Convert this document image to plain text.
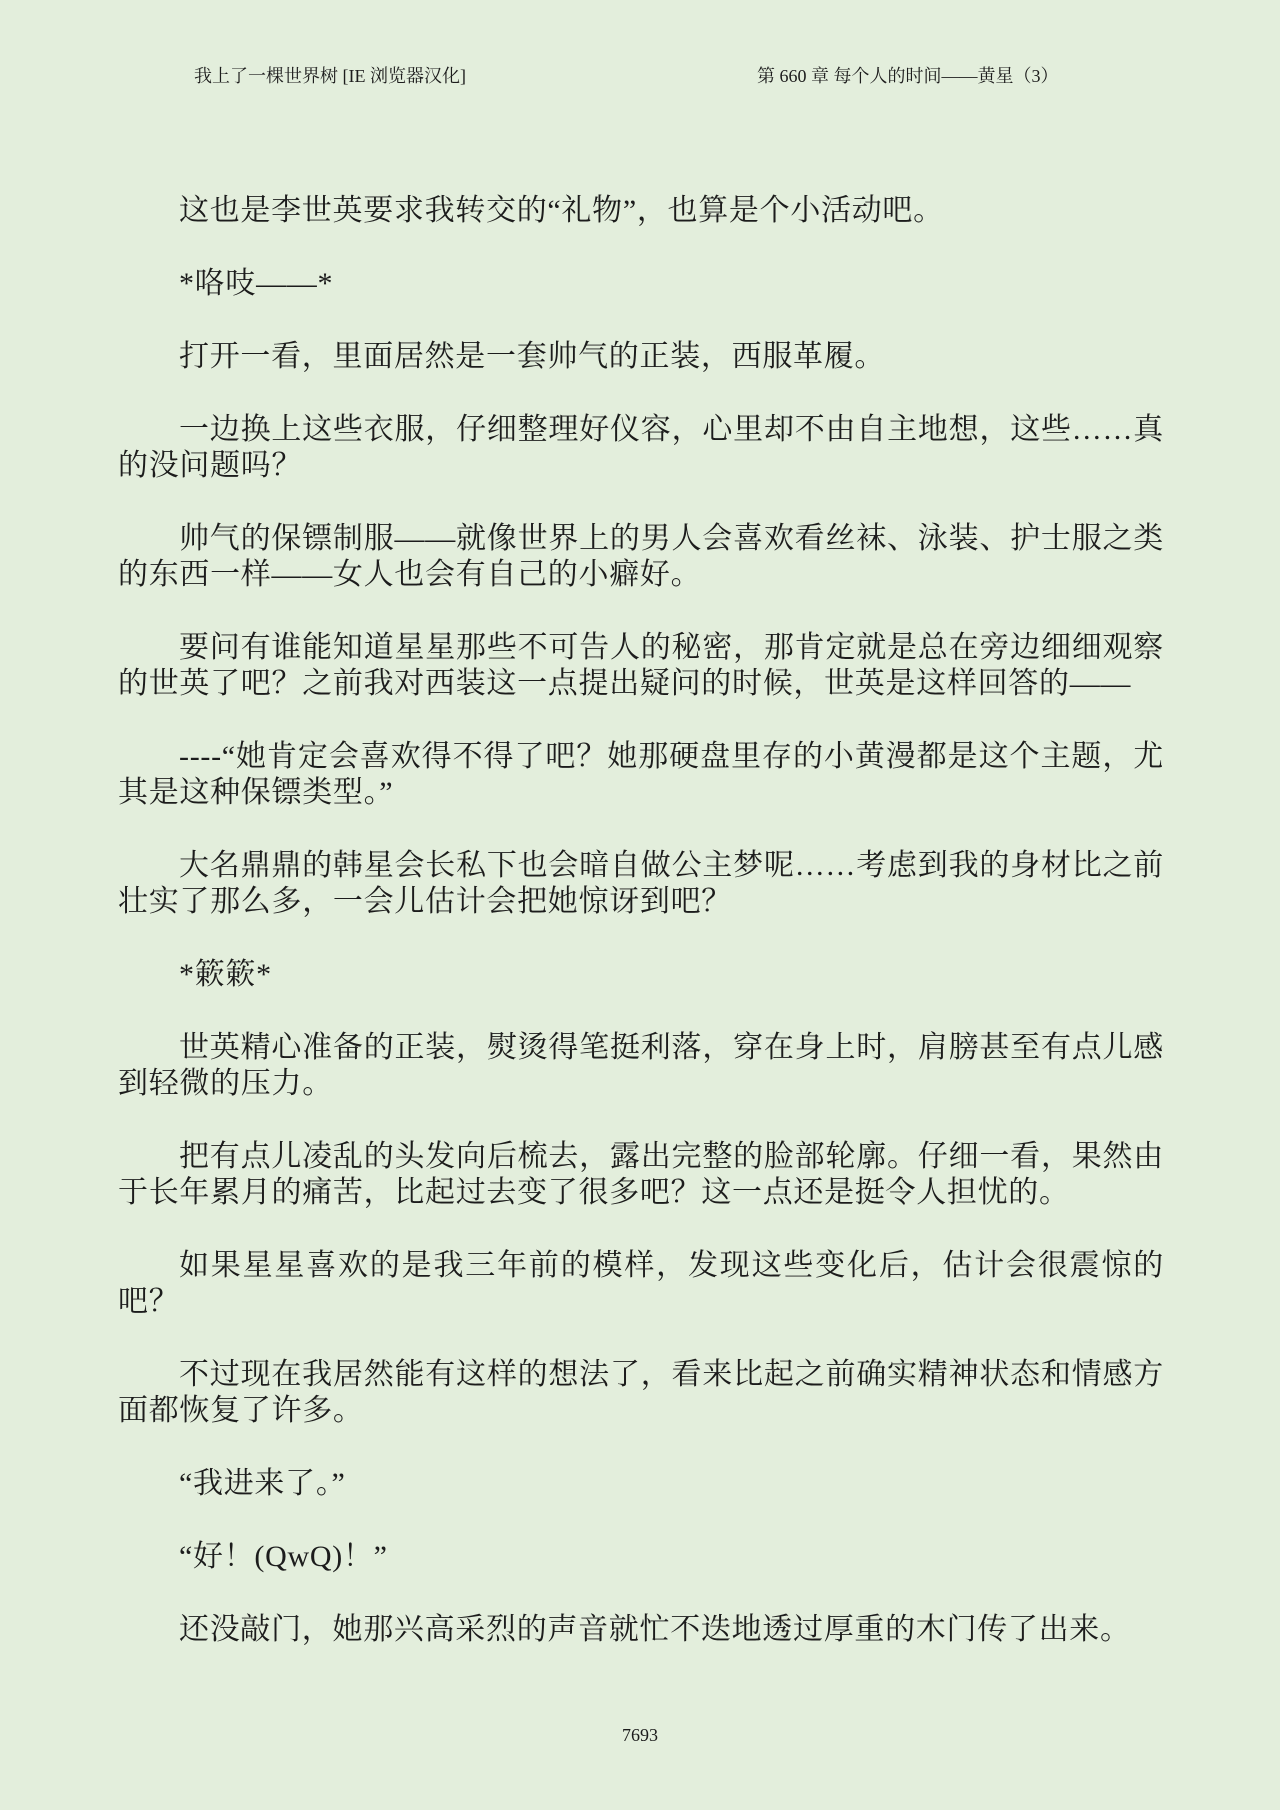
我上了一棵世界树 [IE 浏览器汉化]	第 660 章 每个人的时间——黄星（3）

这也是李世英要求我转交的“礼物”，也算是个小活动吧。

*咯吱——*

打开一看，里面居然是一套帅气的正装，西服革履。

一边换上这些衣服，仔细整理好仪容，心里却不由自主地想，这些……真的没问题吗？

帅气的保镖制服——就像世界上的男人会喜欢看丝袜、泳装、护士服之类的东西一样——女人也会有自己的小癖好。

要问有谁能知道星星那些不可告人的秘密，那肯定就是总在旁边细细观察的世英了吧？之前我对西装这一点提出疑问的时候，世英是这样回答的——

----“她肯定会喜欢得不得了吧？她那硬盘里存的小黄漫都是这个主题，尤其是这种保镖类型。”

大名鼎鼎的韩星会长私下也会暗自做公主梦呢……考虑到我的身材比之前壮实了那么多，一会儿估计会把她惊讶到吧？

*簌簌*

世英精心准备的正装，熨烫得笔挺利落，穿在身上时，肩膀甚至有点儿感到轻微的压力。

把有点儿凌乱的头发向后梳去，露出完整的脸部轮廓。仔细一看，果然由于长年累月的痛苦，比起过去变了很多吧？这一点还是挺令人担忧的。

如果星星喜欢的是我三年前的模样，发现这些变化后，估计会很震惊的吧？

不过现在我居然能有这样的想法了，看来比起之前确实精神状态和情感方面都恢复了许多。

“我进来了。”

“好！(QwQ)！”

还没敲门，她那兴高采烈的声音就忙不迭地透过厚重的木门传了出来。

7693
